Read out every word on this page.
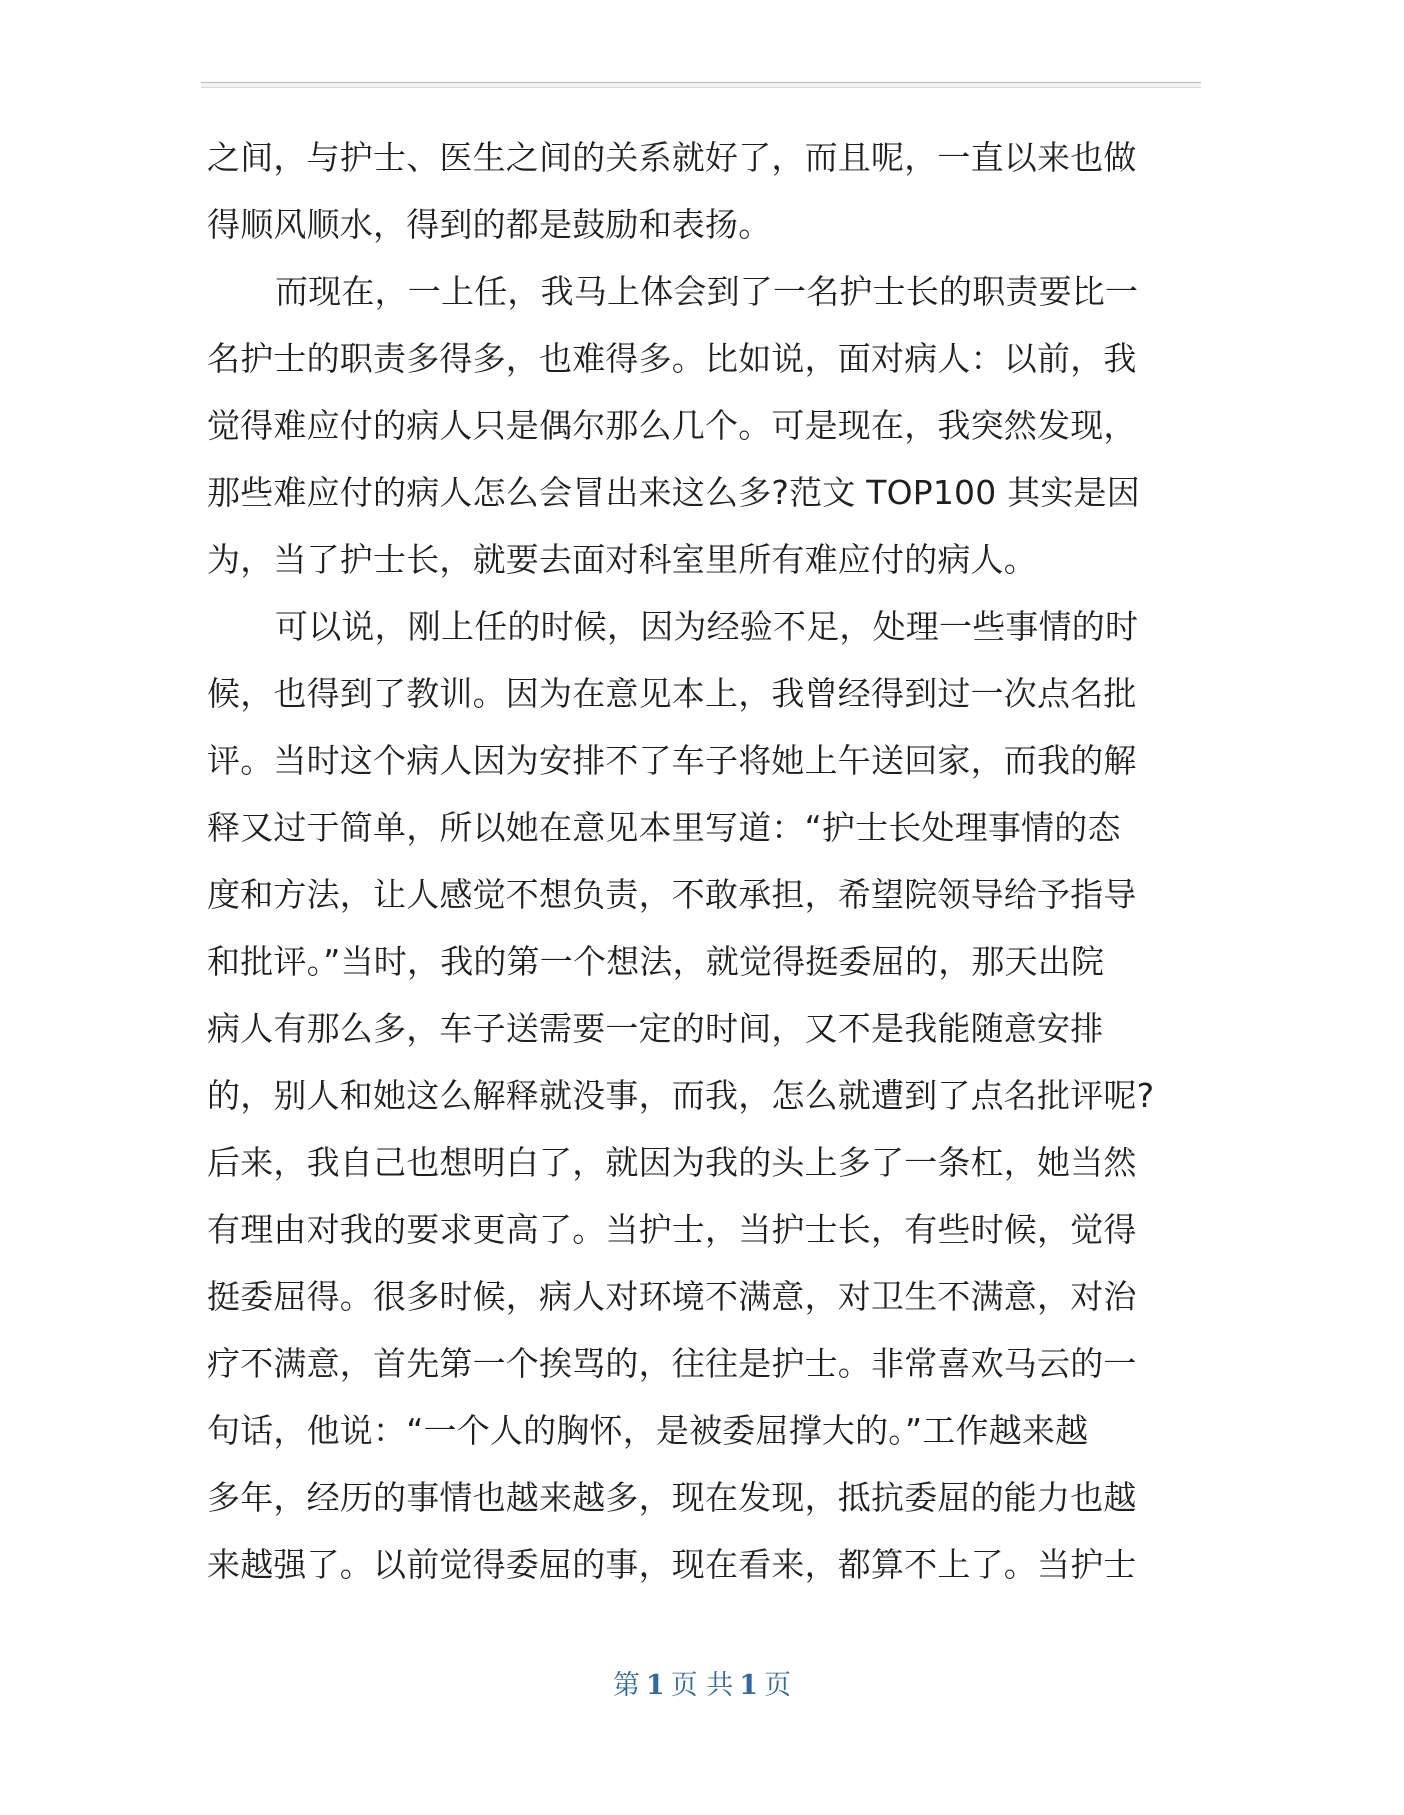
之间，与护士、医生之间的关系就好了，而且呢，一直以来也做
得顺风顺水，得到的都是鼓励和表扬。
而现在，一上任，我马上体会到了一名护士长的职责要比一
名护士的职责多得多，也难得多。比如说，面对病人：以前，我
觉得难应付的病人只是偶尔那么几个。可是现在，我突然发现，
那些难应付的病人怎么会冒出来这么多?范文 TOP100 其实是因
为，当了护士长，就要去面对科室里所有难应付的病人。
可以说，刚上任的时候，因为经验不足，处理一些事情的时
候，也得到了教训。因为在意见本上，我曾经得到过一次点名批
评。当时这个病人因为安排不了车子将她上午送回家，而我的解
释又过于简单，所以她在意见本里写道：“护士长处理事情的态
度和方法，让人感觉不想负责，不敢承担，希望院领导给予指导
和批评。”当时，我的第一个想法，就觉得挺委屈的，那天出院
病人有那么多，车子送需要一定的时间，又不是我能随意安排
的，别人和她这么解释就没事，而我，怎么就遭到了点名批评呢?
后来，我自己也想明白了，就因为我的头上多了一条杠，她当然
有理由对我的要求更高了。当护士，当护士长，有些时候，觉得
挺委屈得。很多时候，病人对环境不满意，对卫生不满意，对治
疗不满意，首先第一个挨骂的，往往是护士。非常喜欢马云的一
句话，他说：“一个人的胸怀，是被委屈撑大的。”工作越来越
多年，经历的事情也越来越多，现在发现，抵抗委屈的能力也越
来越强了。以前觉得委屈的事，现在看来，都算不上了。当护士
第 1 页 共 1 页
